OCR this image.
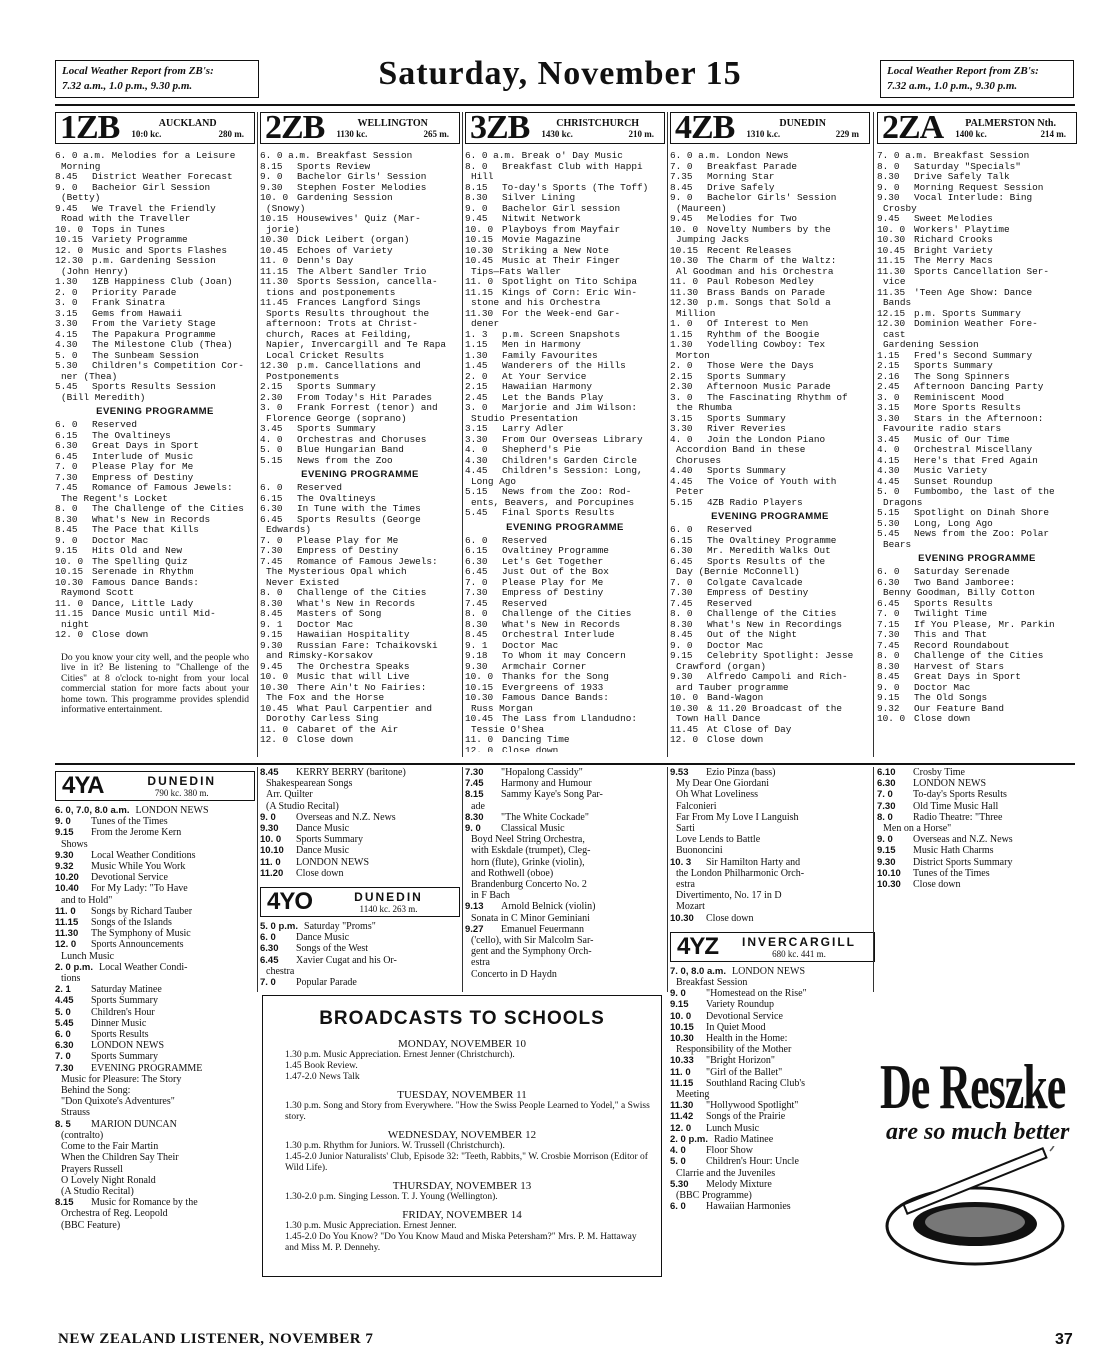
Local Weather Report from ZB's:
7.32 a.m., 1.0 p.m., 9.30 p.m.	Saturday, November 15	Local Weather Report from ZB's:
7.32 a.m., 1.0 p.m., 9.30 p.m.
1ZB	AUCKLAND
10:0 kc.	280 m.
6. 0 a.m. Melodies for a Leisure
Morning
8.45 District Weather Forecast
9. 0 Bacheior Girl Session
(Betty)
9.45 We Travel the Friendly
Road with the Traveller
10. 0 Tops in Tunes
10.15 Variety Programme
12. 0 Music and Sports Flashes
12.30 p.m. Gardening Session
(John Henry)
1.30 1ZB Happiness Club (Joan)
2. 0 Priority Parade
3. 0 Frank Sinatra
3.15 Gems from Hawaii
3.30 From the Variety Stage
4.15 The Papakura Programme
4.30 The Milestone Club (Thea)
5. 0 The Sunbeam Session
5.30 Children's Competition Cor-
ner (Thea)
5.45 Sports Results Session
(Bill Meredith)
EVENING PROGRAMME
6. 0 Reserved
6.15 The Ovaltineys
6.30 Great Days in Sport
6.45 Interlude of Music
7. 0 Please Play for Me
7.30 Empress of Destiny
7.45 Romance of Famous Jewels:
The Regent's Locket
8. 0 The Challenge of the Cities
8.30 What's New in Records
8.45 The Pace that Kills
9. 0 Doctor Mac
9.15 Hits Old and New
10. 0 The Spelling Quiz
10.15 Serenade in Rhythm
10.30 Famous Dance Bands:
Raymond Scott
11. 0 Dance, Little Lady
11.15 Dance Music until Mid-
night
12. 0 Close down
Do you know your city well, and the people who live in it? Be listening to "Challenge of the Cities" at 8 o'clock to-night from your local commercial station for more facts about your home town. This programme provides splendid informative entertainment.
2ZB	WELLINGTON
1130 kc.	265 m.
6. 0 a.m. Breakfast Session
8.15 Sports Review
9. 0 Bachelor Girls' Session
9.30 Stephen Foster Melodies
10. 0 Gardening Session
(Snowy)
10.15 Housewives' Quiz (Mar-
jorie)
10.30 Dick Leibert (organ)
10.45 Echoes of Variety
11. 0 Denn's Day
11.15 The Albert Sandler Trio
11.30 Sports Session, cancella-
tions and postponements
11.45 Frances Langford Sings
Sports Results throughout the
afternoon: Trots at Christ-
church, Races at Feilding,
Napier, Invercargill and Te Rapa
Local Cricket Results
12.30 p.m. Cancellations and
Postponements
2.15 Sports Summary
2.30 From Today's Hit Parades
3. 0 Frank Forrest (tenor) and
Florence George (soprano)
3.45 Sports Summary
4. 0 Orchestras and Choruses
5. 0 Blue Hungarian Band
5.15 News from the Zoo
EVENING PROGRAMME
6. 0 Reserved
6.15 The Ovaltineys
6.30 In Tune with the Times
6.45 Sports Results (George
Edwards)
7. 0 Please Play for Me
7.30 Empress of Destiny
7.45 Romance of Famous Jewels:
The Mysterious Opal which
Never Existed
8. 0 Challenge of the Cities
8.30 What's New in Records
8.45 Masters of Song
9. 1 Doctor Mac
9.15 Hawaiian Hospitality
9.30 Russian Fare: Tchaikovski
and Rimsky-Korsakov
9.45 The Orchestra Speaks
10. 0 Music that will Live
10.30 There Ain't No Fairies:
The Fox and the Horse
10.45 What Paul Carpentier and
Dorothy Carless Sing
11. 0 Cabaret of the Air
12. 0 Close down
3ZB	CHRISTCHURCH
1430 kc.	210 m.
6. 0 a.m. Break o' Day Music
8. 0 Breakfast Club with Happi
Hill
8.15 To-day's Sports (The Toff)
8.30 Silver Lining
9. 0 Bachelor Girl session
9.45 Nitwit Network
10. 0 Playboys from Mayfair
10.15 Movie Magazine
10.30 Striking a New Note
10.45 Music at Their Finger
Tips—Fats Waller
11. 0 Spotlight on Tito Schipa
11.15 Kings of Corn: Eric Win-
stone and his Orchestra
11.30 For the Week-end Gar-
dener
1. 3 p.m. Screen Snapshots
1.15 Men in Harmony
1.30 Family Favourites
1.45 Wanderers of the Hills
2. 0 At Your Service
2.15 Hawaiian Harmony
2.45 Let the Bands Play
3. 0 Marjorie and Jim Wilson:
Studio Presentation
3.15 Larry Adler
3.30 From Our Overseas Library
4. 0 Shepherd's Pie
4.30 Children's Garden Circle
4.45 Children's Session: Long,
Long Ago
5.15 News from the Zoo: Rod-
ents, Beavers, and Porcupines
5.45 Final Sports Results
EVENING PROGRAMME
6. 0 Reserved
6.15 Ovaltiney Programme
6.30 Let's Get Together
6.45 Just Out of the Box
7. 0 Please Play for Me
7.30 Empress of Destiny
7.45 Reserved
8. 0 Challenge of the Cities
8.30 What's New in Records
8.45 Orchestral Interlude
9. 1 Doctor Mac
9.18 To Whom it may Concern
9.30 Armchair Corner
10. 0 Thanks for the Song
10.15 Evergreens of 1933
10.30 Famous Dance Bands:
Russ Morgan
10.45 The Lass from Llandudno:
Tessie O'Shea
11. 0 Dancing Time
12. 0 Close down
4ZB	DUNEDIN
1310 k.c.	229 m
6. 0 a.m. London News
7. 0 Breakfast Parade
7.35 Morning Star
8.45 Drive Safely
9. 0 Bachelor Girls' Session
(Maureen)
9.45 Melodies for Two
10. 0 Novelty Numbers by the
Jumping Jacks
10.15 Recent Releases
10.30 The Charm of the Waltz:
Al Goodman and his Orchestra
11. 0 Paul Robeson Medley
11.30 Brass Bands on Parade
12.30 p.m. Songs that Sold a
Million
1. 0 Of Interest to Men
1.15 Ryhthm of the Boogie
1.30 Yodelling Cowboy: Tex
Morton
2. 0 Those Were the Days
2.15 Sports Summary
2.30 Afternoon Music Parade
3. 0 The Fascinating Rhythm of
the Rhumba
3.15 Sports Summary
3.30 River Reveries
4. 0 Join the London Piano
Accordion Band in these
Choruses
4.40 Sports Summary
4.45 The Voice of Youth with
Peter
5.15 4ZB Radio Players
EVENING PROGRAMME
6. 0 Reserved
6.15 The Ovaltiney Programme
6.30 Mr. Meredith Walks Out
6.45 Sports Results of the
Day (Bernie McConnell)
7. 0 Colgate Cavalcade
7.30 Empress of Destiny
7.45 Reserved
8. 0 Challenge of the Cities
8.30 What's New in Recordings
8.45 Out of the Night
9. 0 Doctor Mac
9.15 Celebrity Spotlight: Jesse
Crawford (organ)
9.30 Alfredo Campoli and Rich-
ard Tauber programme
10. 0 Band-Wagon
10.30 & 11.20 Broadcast of the
Town Hall Dance
11.45 At Close of Day
12. 0 Close down
2ZA	PALMERSTON Nth.
1400 kc.	214 m.
7. 0 a.m. Breakfast Session
8. 0 Saturday "Specials"
8.30 Drive Safely Talk
9. 0 Morning Request Session
9.30 Vocal Interlude: Bing
Crosby
9.45 Sweet Melodies
10. 0 Workers' Playtime
10.30 Richard Crooks
10.45 Bright Variety
11.15 The Merry Macs
11.30 Sports Cancellation Ser-
vice
11.35 'Teen Age Show: Dance
Bands
12.15 p.m. Sports Summary
12.30 Dominion Weather Fore-
cast
Gardening Session
1.15 Fred's Second Summary
2.15 Sports Summary
2.16 The Song Spinners
2.45 Afternoon Dancing Party
3. 0 Reminiscent Mood
3.15 More Sports Results
3.30 Stars in the Afternoon:
Favourite radio stars
3.45 Music of Our Time
4. 0 Orchestral Miscellany
4.15 Here's that Fred Again
4.30 Music Variety
4.45 Sunset Roundup
5. 0 Fumbombo, the last of the
Dragons
5.15 Spotlight on Dinah Shore
5.30 Long, Long Ago
5.45 News from the Zoo: Polar
Bears
EVENING PROGRAMME
6. 0 Saturday Serenade
6.30 Two Band Jamboree:
Benny Goodman, Billy Cotton
6.45 Sports Results
7. 0 Twilight Time
7.15 If You Please, Mr. Parkin
7.30 This and That
7.45 Record Roundabout
8. 0 Challenge of the Cities
8.30 Harvest of Stars
8.45 Great Days in Sport
9. 0 Doctor Mac
9.15 The Old Songs
9.32 Our Feature Band
10. 0 Close down
4YA	DUNEDIN
790 kc. 380 m.
6. 0, 7.0, 8.0 a.m. LONDON NEWS
9. 0 Tunes of the Times
9.15 From the Jerome Kern
Shows
9.30 Local Weather Conditions
9.32 Music While You Work
10.20 Devotional Service
10.40 For My Lady: "To Have
and to Hold"
11. 0 Songs by Richard Tauber
11.15 Songs of the Islands
11.30 The Symphony of Music
12. 0 Sports Announcements
Lunch Music
2. 0 p.m. Local Weather Condi-
tions
2. 1 Saturday Matinee
4.45 Sports Summary
5. 0 Children's Hour
5.45 Dinner Music
6. 0 Sports Results
6.30 LONDON NEWS
7. 0 Sports Summary
7.30 EVENING PROGRAMME
Music for Pleasure: The Story
Behind the Song:
"Don Quixote's Adventures"
Strauss
8. 5 MARION DUNCAN
(contralto)
Come to the Fair Martin
When the Children Say Their
Prayers Russell
O Lovely Night Ronald
(A Studio Recital)
8.15 Music for Romance by the
Orchestra of Reg. Leopold
(BBC Feature)
8.45 KERRY BERRY (baritone)
Shakespearean Songs
Arr. Quilter
(A Studio Recital)
9. 0 Overseas and N.Z. News
9.30 Dance Music
10. 0 Sports Summary
10.10 Dance Music
11. 0 LONDON NEWS
11.20 Close down
4YO	DUNEDIN
1140 kc. 263 m.
5. 0 p.m. Saturday "Proms"
6. 0 Dance Music
6.30 Songs of the West
6.45 Xavier Cugat and his Or-
chestra
7. 0 Popular Parade
7.30 "Hopalong Cassidy"
7.45 Harmony and Humour
8.15 Sammy Kaye's Song Par-
ade
8.30 "The White Cockade"
9. 0 Classical Music
Boyd Neel String Orchestra,
with Eskdale (trumpet), Cleg-
horn (flute), Grinke (violin),
and Rothwell (oboe)
Brandenburg Concerto No. 2
in F Bach
9.13 Arnold Belnick (violin)
Sonata in C Minor Geminiani
9.27 Emanuel Feuermann
('cello), with Sir Malcolm Sar-
gent and the Symphony Orch-
estra
Concerto in D Haydn
9.53 Ezio Pinza (bass)
My Dear One Giordani
Oh What Loveliness
Falconieri
Far From My Love I Languish
Sarti
Love Lends to Battle
Buononcini
10. 3 Sir Hamilton Harty and
the London Philharmonic Orch-
estra
Divertimento, No. 17 in D
Mozart
10.30 Close down
4YZ	INVERCARGILL
680 kc. 441 m.
7. 0, 8.0 a.m. LONDON NEWS
Breakfast Session
9. 0 "Homestead on the Rise"
9.15 Variety Roundup
10. 0 Devotional Service
10.15 In Quiet Mood
10.30 Health in the Home:
Responsibility of the Mother
10.33 "Bright Horizon"
11. 0 "Girl of the Ballet"
11.15 Southland Racing Club's
Meeting
11.30 "Hollywood Spotlight"
11.42 Songs of the Prairie
12. 0 Lunch Music
2. 0 p.m. Radio Matinee
4. 0 Floor Show
5. 0 Children's Hour: Uncle
Clarrie and the Juveniles
5.30 Melody Mixture
(BBC Programme)
6. 0 Hawaiian Harmonies
6.10 Crosby Time
6.30 LONDON NEWS
7. 0 To-day's Sports Results
7.30 Old Time Music Hall
8. 0 Radio Theatre: "Three
Men on a Horse"
9. 0 Overseas and N.Z. News
9.15 Music Hath Charms
9.30 District Sports Summary
10.10 Tunes of the Times
10.30 Close down
BROADCASTS TO SCHOOLS
MONDAY, NOVEMBER 10
1.30 p.m. Music Appreciation. Ernest Jenner (Christchurch).
1.45 Book Review.
1.47-2.0 News Talk
TUESDAY, NOVEMBER 11
1.30 p.m. Song and Story from Everywhere. "How the Swiss People Learned to Yodel," a Swiss story.
WEDNESDAY, NOVEMBER 12
1.30 p.m. Rhythm for Juniors. W. Trussell (Christchurch).
1.45-2.0 Junior Naturalists' Club, Episode 32: "Teeth, Rabbits," W. Crosbie Morrison (Editor of Wild Life).
THURSDAY, NOVEMBER 13
1.30-2.0 p.m. Singing Lesson. T. J. Young (Wellington).
FRIDAY, NOVEMBER 14
1.30 p.m. Music Appreciation. Ernest Jenner.
1.45-2.0 Do You Know? "Do You Know Maud and Miska Petersham?" Mrs. P. M. Hattaway and Miss M. P. Dennehy.
De Reszke
are so much better
NEW ZEALAND LISTENER, NOVEMBER 7	37
